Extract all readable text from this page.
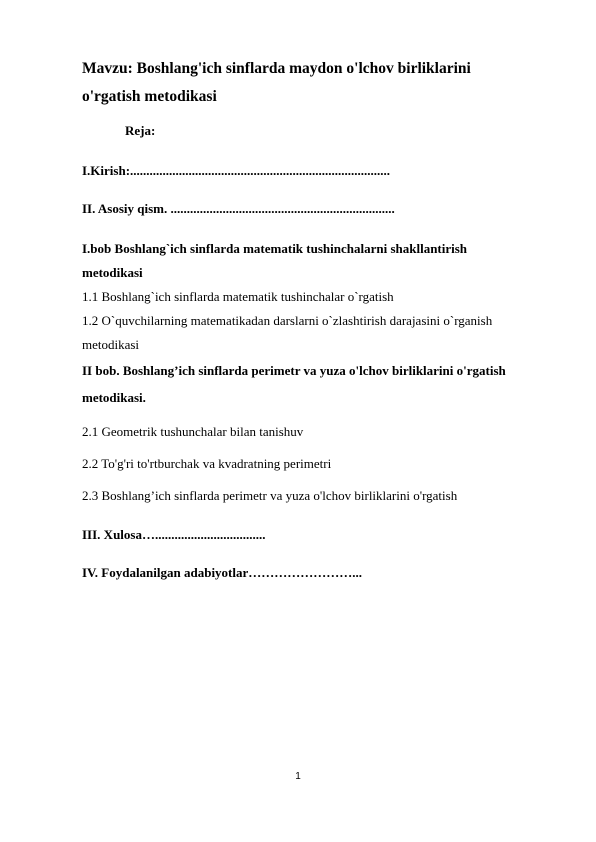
Mavzu: Boshlang'ich sinflarda maydon o'lchov birliklarini
o'rgatish metodikasi
Reja:
I.Kirish:................................................................................
II. Asosiy qism. .....................................................................
I.bob Boshlang`ich sinflarda matematik tushinchalarni shakllantirish
metodikasi
1.1 Boshlang`ich sinflarda matematik tushinchalar o`rgatish
1.2 O`quvchilarning matematikadan darslarni o`zlashtirish darajasini o`rganish
metodikasi
II bob. Boshlang’ich sinflarda perimetr va yuza o'lchov birliklarini o'rgatish
metodikasi.
2.1 Geometrik tushunchalar bilan tanishuv
2.2 To'g'ri to'rtburchak va kvadratning perimetri
2.3 Boshlang’ich sinflarda perimetr va yuza o'lchov birliklarini o'rgatish
III. Xulosa…..................................
IV. Foydalanilgan adabiyotlar……………………...
1
